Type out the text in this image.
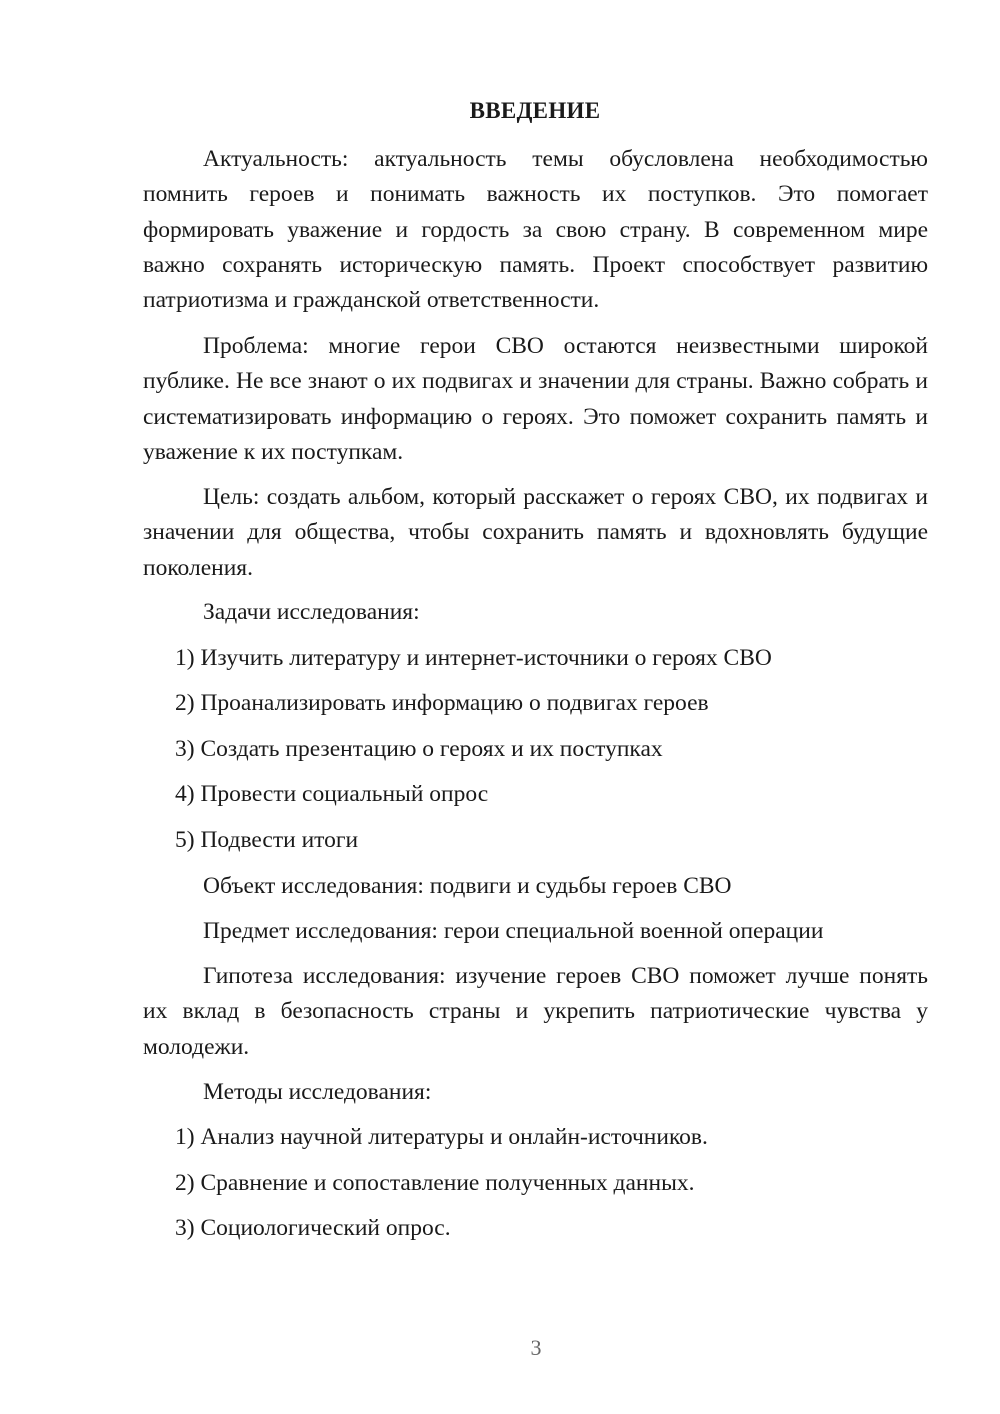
ВВЕДЕНИЕ

Актуальность: актуальность темы обусловлена необходимостью помнить героев и понимать важность их поступков. Это помогает формировать уважение и гордость за свою страну. В современном мире важно сохранять историческую память. Проект способствует развитию патриотизма и гражданской ответственности.

Проблема: многие герои СВО остаются неизвестными широкой публике. Не все знают о их подвигах и значении для страны. Важно собрать и систематизировать информацию о героях. Это поможет сохранить память и уважение к их поступкам.

Цель: создать альбом, который расскажет о героях СВО, их подвигах и значении для общества, чтобы сохранить память и вдохновлять будущие поколения.

Задачи исследования:
1) Изучить литературу и интернет-источники о героях СВО
2) Проанализировать информацию о подвигах героев
3) Создать презентацию о героях и их поступках
4) Провести социальный опрос
5) Подвести итоги
Объект исследования: подвиги и судьбы героев СВО
Предмет исследования: герои специальной военной операции

Гипотеза исследования: изучение героев СВО поможет лучше понять их вклад в безопасность страны и укрепить патриотические чувства у молодежи.

Методы исследования:
1) Анализ научной литературы и онлайн-источников.
2) Сравнение и сопоставление полученных данных.
3) Социологический опрос.
3
